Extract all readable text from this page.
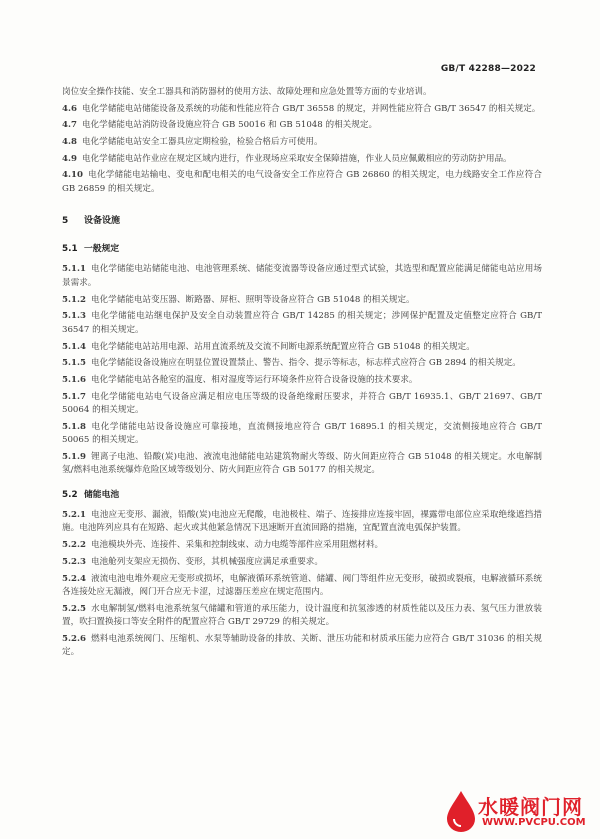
GB/T 42288—2022
岗位安全操作技能、安全工器具和消防器材的使用方法、故障处理和应急处置等方面的专业培训。
4.6 电化学储能电站储能设备及系统的功能和性能应符合 GB/T 36558 的规定，并网性能应符合 GB/T 36547 的相关规定。
4.7 电化学储能电站消防设备设施应符合 GB 50016 和 GB 51048 的相关规定。
4.8 电化学储能电站安全工器具应定期检验，检验合格后方可使用。
4.9 电化学储能电站作业应在规定区域内进行，作业现场应采取安全保障措施，作业人员应佩戴相应的劳动防护用品。
4.10 电化学储能电站输电、变电和配电相关的电气设备安全工作应符合 GB 26860 的相关规定，电力线路安全工作应符合 GB 26859 的相关规定。
5 设备设施
5.1 一般规定
5.1.1 电化学储能电站储能电池、电池管理系统、储能变流器等设备应通过型式试验，其选型和配置应能满足储能电站应用场景需求。
5.1.2 电化学储能电站变压器、断路器、屏柜、照明等设备应符合 GB 51048 的相关规定。
5.1.3 电化学储能电站继电保护及安全自动装置应符合 GB/T 14285 的相关规定；涉网保护配置及定值整定应符合 GB/T 36547 的相关规定。
5.1.4 电化学储能电站站用电源、站用直流系统及交流不间断电源系统配置应符合 GB 51048 的相关规定。
5.1.5 电化学储能设备设施应在明显位置设置禁止、警告、指令、提示等标志，标志样式应符合 GB 2894 的相关规定。
5.1.6 电化学储能电站各舱室的温度、相对湿度等运行环境条件应符合设备设施的技术要求。
5.1.7 电化学储能电站电气设备应满足相应电压等级的设备绝缘耐压要求，并符合 GB/T 16935.1、GB/T 21697、GB/T 50064 的相关规定。
5.1.8 电化学储能电站设备设施应可靠接地，直流侧接地应符合 GB/T 16895.1 的相关规定，交流侧接地应符合 GB/T 50065 的相关规定。
5.1.9 锂离子电池、铅酸(炭)电池、液流电池储能电站建筑物耐火等级、防火间距应符合 GB 51048 的相关规定。水电解制氢/燃料电池系统爆炸危险区域等级划分、防火间距应符合 GB 50177 的相关规定。
5.2 储能电池
5.2.1 电池应无变形、漏液，铅酸(炭)电池应无爬酸，电池极柱、端子、连接排应连接牢固，裸露带电部位应采取绝缘遮挡措施。电池阵列应具有在短路、起火或其他紧急情况下迅速断开直流回路的措施，宜配置直流电弧保护装置。
5.2.2 电池模块外壳、连接件、采集和控制线束、动力电缆等部件应采用阻燃材料。
5.2.3 电池舱列支架应无损伤、变形，其机械强度应满足承重要求。
5.2.4 液流电池电堆外观应无变形或损坏，电解液循环系统管道、储罐、阀门等组件应无变形，破损或裂痕，电解液循环系统各连接处应无漏液，阀门开合应无卡涩，过滤器压差应在规定范围内。
5.2.5 水电解制氢/燃料电池系统氢气储罐和管道的承压能力，设计温度和抗氢渗透的材质性能以及压力表、氢气压力泄放装置，吹扫置换接口等安全附件的配置应符合 GB/T 29729 的相关规定。
5.2.6 燃料电池系统阀门、压缩机、水泵等辅助设备的排放、关断、泄压功能和材质承压能力应符合 GB/T 31036 的相关规定。
水暖阀门网
WWW.PVCPU.COM
